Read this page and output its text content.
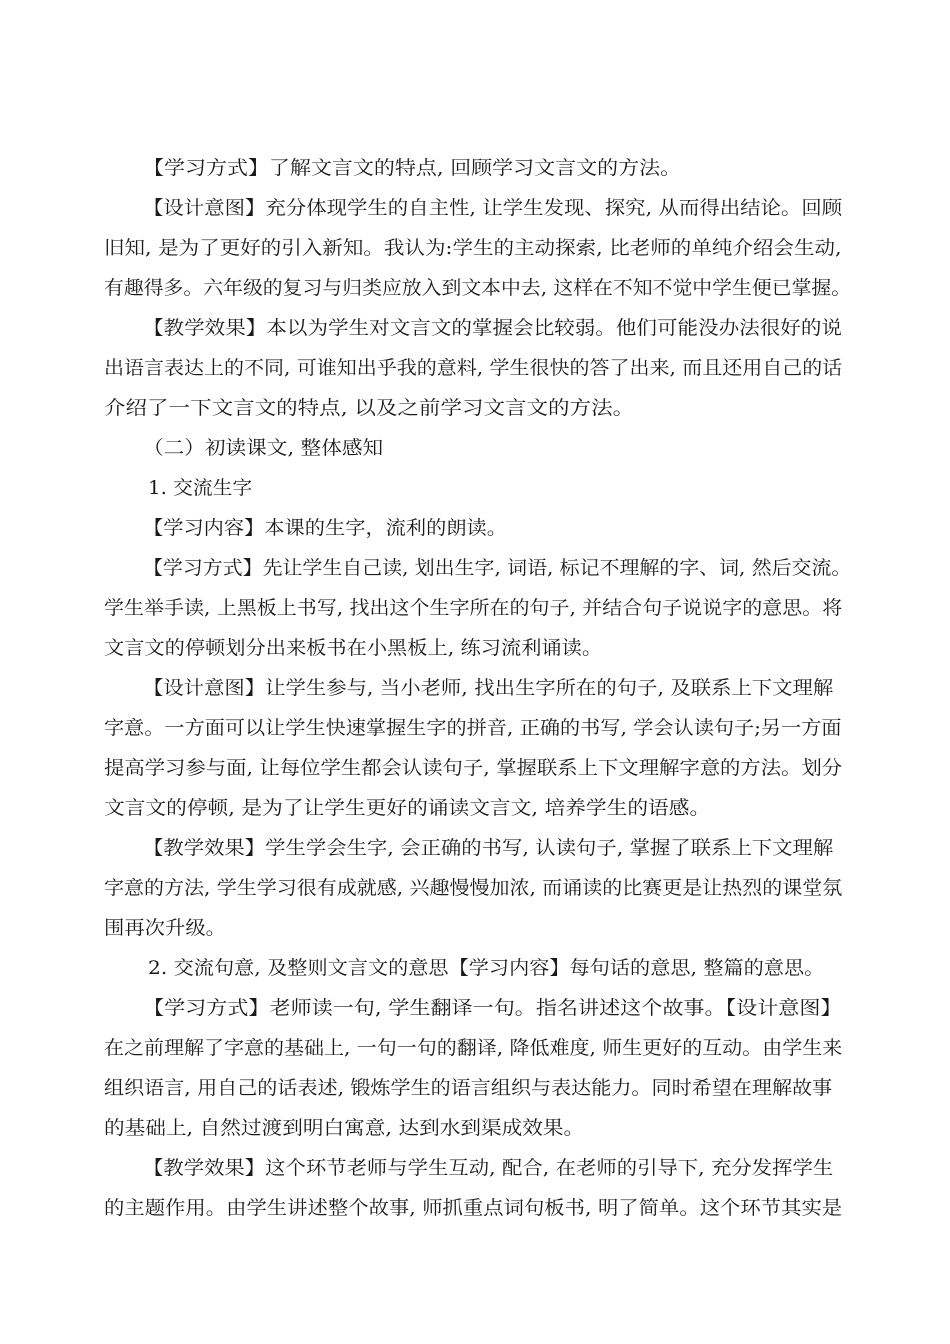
【学习方式】了解文言文的特点, 回顾学习文言文的方法。
【设计意图】充分体现学生的自主性, 让学生发现、探究, 从而得出结论。回顾
旧知, 是为了更好的引入新知。我认为:学生的主动探索, 比老师的单纯介绍会生动,
有趣得多。六年级的复习与归类应放入到文本中去, 这样在不知不觉中学生便已掌握。
【教学效果】本以为学生对文言文的掌握会比较弱。他们可能没办法很好的说
出语言表达上的不同, 可谁知出乎我的意料, 学生很快的答了出来, 而且还用自己的话
介绍了一下文言文的特点, 以及之前学习文言文的方法。
（二）初读课文, 整体感知
1. 交流生字
【学习内容】本课的生字，流利的朗读。
【学习方式】先让学生自己读, 划出生字, 词语, 标记不理解的字、词, 然后交流。
学生举手读, 上黑板上书写, 找出这个生字所在的句子, 并结合句子说说字的意思。将
文言文的停顿划分出来板书在小黑板上, 练习流利诵读。
【设计意图】让学生参与, 当小老师, 找出生字所在的句子, 及联系上下文理解
字意。一方面可以让学生快速掌握生字的拼音, 正确的书写, 学会认读句子;另一方面
提高学习参与面, 让每位学生都会认读句子, 掌握联系上下文理解字意的方法。划分
文言文的停顿, 是为了让学生更好的诵读文言文, 培养学生的语感。
【教学效果】学生学会生字, 会正确的书写, 认读句子, 掌握了联系上下文理解
字意的方法, 学生学习很有成就感, 兴趣慢慢加浓, 而诵读的比赛更是让热烈的课堂氛
围再次升级。
2. 交流句意, 及整则文言文的意思【学习内容】每句话的意思, 整篇的意思。
【学习方式】老师读一句, 学生翻译一句。指名讲述这个故事。【设计意图】
在之前理解了字意的基础上, 一句一句的翻译, 降低难度, 师生更好的互动。由学生来
组织语言, 用自己的话表述, 锻炼学生的语言组织与表达能力。同时希望在理解故事
的基础上, 自然过渡到明白寓意, 达到水到渠成效果。
【教学效果】这个环节老师与学生互动, 配合, 在老师的引导下, 充分发挥学生
的主题作用。由学生讲述整个故事, 师抓重点词句板书, 明了简单。这个环节其实是
